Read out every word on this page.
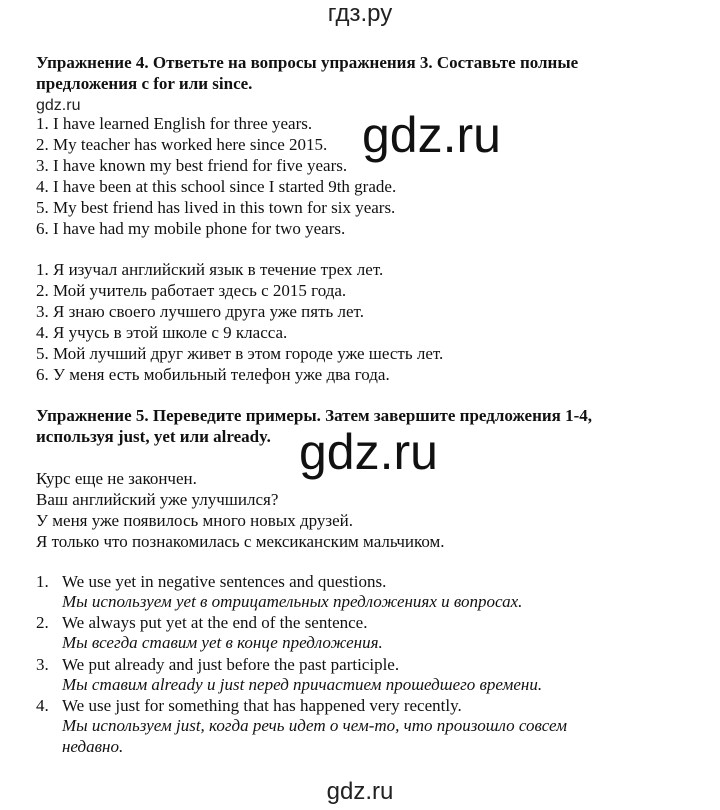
гдз.ру
gdz.ru
gdz.ru
gdz.ru
gdz.ru
Упражнение 4. Ответьте на вопросы упражнения 3. Составьте полные
предложения с for или since.
1. I have learned English for three years.
2. My teacher has worked here since 2015.
3. I have known my best friend for five years.
4. I have been at this school since I started 9th grade.
5. My best friend has lived in this town for six years.
6. I have had my mobile phone for two years.
1. Я изучал английский язык в течение трех лет.
2. Мой учитель работает здесь с 2015 года.
3. Я знаю своего лучшего друга уже пять лет.
4. Я учусь в этой школе с 9 класса.
5. Мой лучший друг живет в этом городе уже шесть лет.
6. У меня есть мобильный телефон уже два года.
Упражнение 5. Переведите примеры. Затем завершите предложения 1-4,
используя just, yet или already.
Курс еще не закончен.
Ваш английский уже улучшился?
У меня уже появилось много новых друзей.
Я только что познакомилась с мексиканским мальчиком.
1. We use yet in negative sentences and questions.
Мы используем yet в отрицательных предложениях и вопросах.
2. We always put yet at the end of the sentence.
Мы всегда ставим yet в конце предложения.
3. We put already and just before the past participle.
Мы ставим already и just перед причастием прошедшего времени.
4. We use just for something that has happened very recently.
Мы используем just, когда речь идет о чем-то, что произошло совсем
недавно.
